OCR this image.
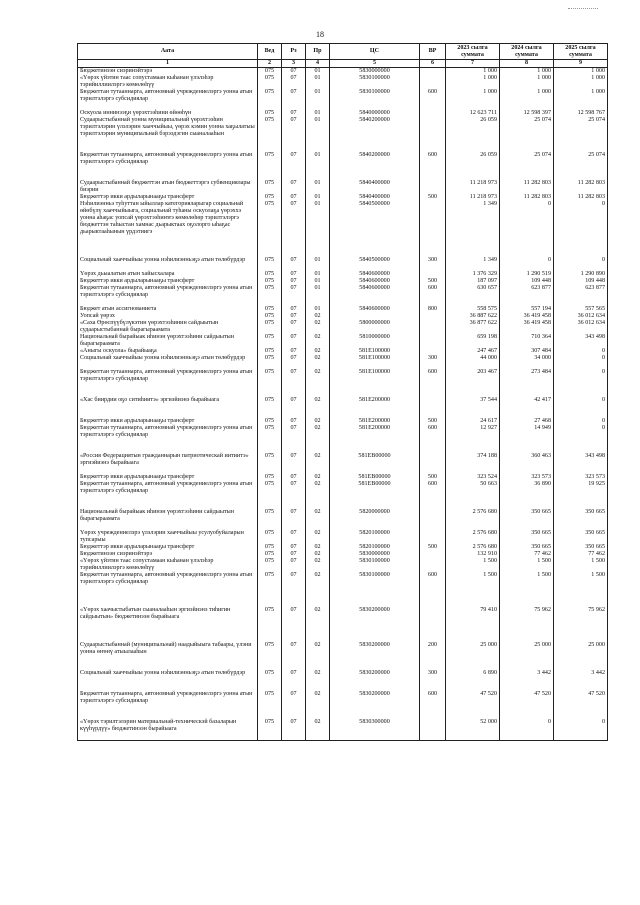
18
Аата	Вед	Рз	Пр	ЦС	ВР	2023 сылга суммата	2024 сылга суммата	2025 сылга суммата
1	2	3	4	5	6	7	8	9
Бюджетинээн сиэринэйтэрэ	075	07	01	5830000000		1 000	1 000	1 000
«Үөрэх үйэтин таас сопустамаан кыһанан үлэлэһэр тэрийиллиилэргэ көмөлөһүү	075	07	01	5830100000		1 000	1 000	1 000
Бюджеттан тутааннарга, автономнай учреждениелэргэ уонна атын тэрилтэлэргэ субсидиялар	075	07	01	5830100000	600	1 000	1 000	1 000
Оскуола иннинээҕи үөрэхтээһини өйөөһүн	075	07	01	5840000000		12 623 711	12 598 397	12 598 767
Судаарыстыбаннай уонна муниципальнай үөрэхтээһин тэрилтэлэрин үлэлэрин хааччыйыы, үөрэх кэмин уонна хаҕылатыы тэрилтэлэрин муниципальнай бэрээдэгин сыаналааһын	075	07	01	5840200000		26 059	25 074	25 074
Бюджеттан тутааннарга, автономнай учреждениелэргэ уонна атын тэрилтэлэргэ субсидиялар	075	07	01	5840200000	600	26 059	25 074	25 074
Судаарыстыбаннай бюджеттэн атын бюджеттэргэ субвенциялары биэрии	075	07	01	5840400000		11 218 973	11 282 803	11 282 803
Бюджеттэр икки ардыларынааҕы трансферт	075	07	01	5840400000	500	11 218 973	11 282 803	11 282 803
Нэһилиэнньэ туһуттан ыйыллар категорияларыгар социальнай өйөбүлү хааччыйыыга, социальнай туһаны оскуолаҕа үөрэххэ уонна аһаҕас уопсай үөрэхтээһиҥҥэ көмөлөһөр тэрилтэлэргэ бюджеттэн таһыстан хамнас дьарыктаах оҕолорго ыһаҕас дьарыктааһынын үрдэтиигэ	075	07	01	5840500000		1 349	0	0
Социальнай хааччыйыы уонна нэһилиэнньэҕэ атын төлөбүрдэр	075	07	01	5840500000	300	1 349	0	0
Үөрэх дьыалатын атын хайысхалара	075	07	01	5840600000		1 376 329	1 290 519	1 290 890
Бюджеттэр икки ардыларынааҕы трансферт	075	07	01	5840600000	500	187 097	109 448	109 448
Бюджеттан тутааннарга, автономнай учреждениелэргэ уонна атын тэрилтэлэргэ субсидиялар	075	07	01	5840600000	600	630 657	623 877	623 877
Бюджет атын ассигнованиета	075	07	01	5840600000	800	558 575	557 194	557 565
Уопсай үөрэх	075	07	02			36 887 622	36 419 458	36 012 634
«Саха Өрөспүүбүлүкэтин үөрэхтээһинин сайдыытын судаарыстыбаннай бырагыраамата	075	07	02	5800000000		36 877 622	36 419 458	36 012 634
Национальнай бырайыак иһинэн үөрэхтээһини сайдыытын бырагыраамата	075	07	02	5810000000		659 198	710 364	343 498
«Аныгы оскуола» бырайыаҕа	075	07	02	581E100000		247 467	307 484	0
Социальнай хааччыйыы уонна нэһилиэнньэҕэ атын төлөбүрдэр	075	07	02	581E100000	300	44 000	34 000	0
Бюджеттан тутааннарга, автономнай учреждениелэргэ уонна атын тэрилтэлэргэ субсидиялар	075	07	02	581E100000	600	203 467	273 484	0
«Хас биирдии оҕо ситиһиитэ» эргиэйиэнэ бырайыага	075	07	02	581E200000		37 544	42 417	0
Бюджеттэр икки ардыларынааҕы трансферт	075	07	02	581E200000	500	24 617	27 468	0
Бюджеттан тутааннарга, автономнай учреждениелэргэ уонна атын тэрилтэлэргэ субсидиялар	075	07	02	581E200000	600	12 927	14 949	0
«Россия Федерациятын гражданнарын патриотическай иитиитэ» эргиэйиэнэ бырайыага	075	07	02	581EB00000		374 188	360 463	343 498
Бюджеттэр икки ардыларынааҕы трансферт	075	07	02	581EB00000	500	323 524	323 573	323 573
Бюджеттан тутааннарга, автономнай учреждениелэргэ уонна атын тэрилтэлэргэ субсидиялар	075	07	02	581EB00000	600	50 663	36 890	19 925
Национальнай бырайыак иһинэн үөрэхтээһини сайдыытын бырагыраамата	075	07	02	5820000000		2 576 680	350 665	350 665
Үөрэх учреждениелэрэ үлэлэрин хааччыйыы усулуобуйаларын тупсарыы	075	07	02	5820100000		2 576 680	350 665	350 665
Бюджеттэр икки ардыларынааҕы трансферт	075	07	02	5820100000	500	2 576 680	350 665	350 665
Бюджетинээн сиэринэйтэрэ	075	07	02	5830000000		132 910	77 462	77 462
«Үөрэх үйэтин таас сопустамаан кыһанан үлэлэһэр тэрийиллиилэргэ көмөлөһүү	075	07	02	5830100000		1 500	1 500	1 500
Бюджеттан тутааннарга, автономнай учреждениелэргэ уонна атын тэрилтэлэргэ субсидиялар	075	07	02	5830100000	600	1 500	1 500	1 500
«Үөрэх хаачыстыбатын сыаналааһын эргиэйиэнэ тиһигин сайдыытын» бюджетинээн бырайыага	075	07	02	5830200000		79 410	75 962	75 962
Судаарыстыбаннай (муниципальнай) наадыйыыга табаары, үлэни уонна өҥөнү атыылааһын	075	07	02	5830200000	200	25 000	25 000	25 000
Социальнай хааччыйыы уонна нэһилиэнньэҕэ атын төлөбүрдэр	075	07	02	5830200000	300	6 890	3 442	3 442
Бюджеттан тутааннарга, автономнай учреждениелэргэ уонна атын тэрилтэлэргэ субсидиялар	075	07	02	5830200000	600	47 520	47 520	47 520
«Үөрэх тэрилтэлэрин материальнай-техническэй базаларын күүһүрдүү» бюджетинээн бырайыага	075	07	02	5830300000		52 000	0	0
